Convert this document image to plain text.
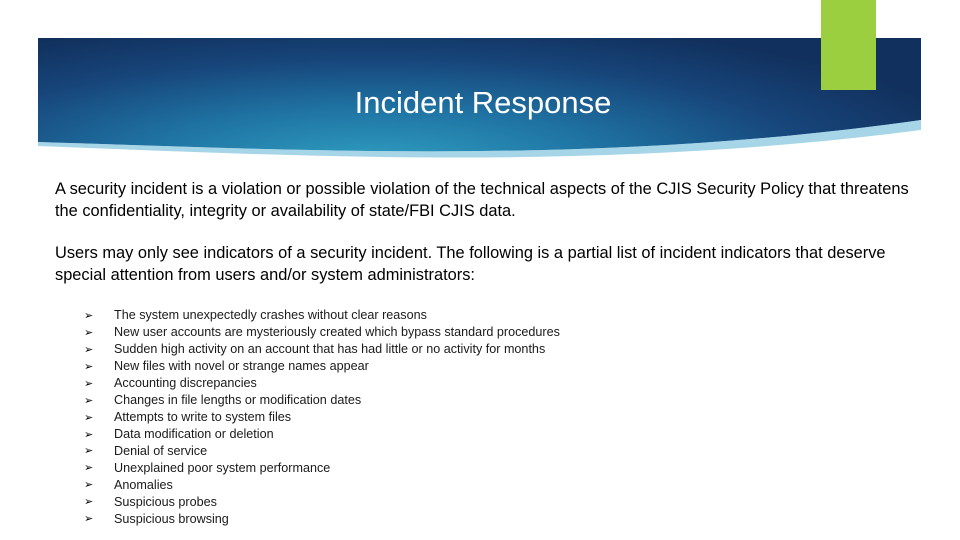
Incident Response

A security incident is a violation or possible violation of the technical aspects of the CJIS Security Policy that threatens the confidentiality, integrity or availability of state/FBI CJIS data.

Users may only see indicators of a security incident. The following is a partial list of incident indicators that deserve special attention from users and/or system administrators:

➢	The system unexpectedly crashes without clear reasons
➢	New user accounts are mysteriously created which bypass standard procedures
➢	Sudden high activity on an account that has had little or no activity for months
➢	New files with novel or strange names appear
➢	Accounting discrepancies
➢	Changes in file lengths or modification dates
➢	Attempts to write to system files
➢	Data modification or deletion
➢	Denial of service
➢	Unexplained poor system performance
➢	Anomalies
➢	Suspicious probes
➢	Suspicious browsing
